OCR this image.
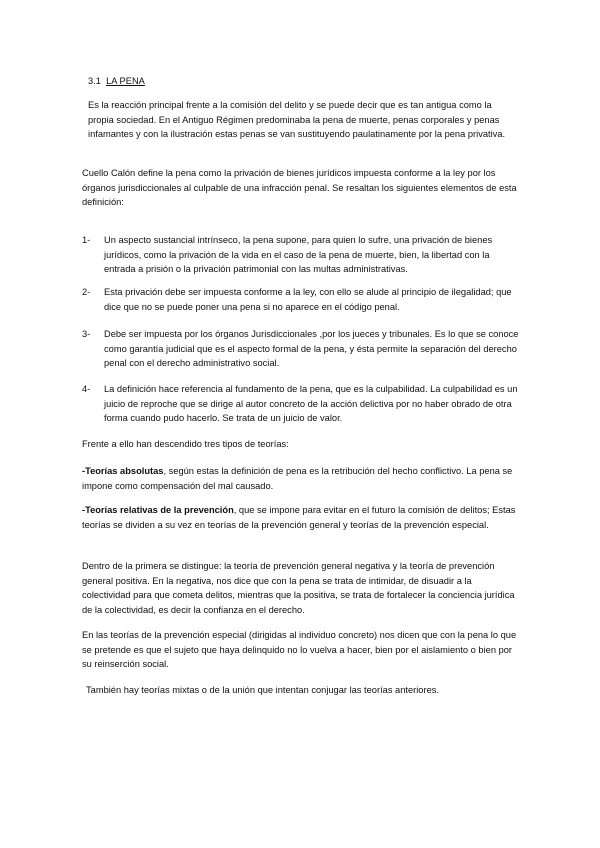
3.1 LA PENA

Es la reacción principal frente a la comisión del delito y se puede decir que es tan antigua como la propia sociedad. En el Antiguo Régimen predominaba la pena de muerte, penas corporales y penas infamantes y con la ilustración estas penas se van sustituyendo paulatinamente por la pena privativa.

Cuello Calón define la pena como la privación de bienes jurídicos impuesta conforme a la ley por los órganos jurisdiccionales al culpable de una infracción penal. Se resaltan los siguientes elementos de esta definición:

1- Un aspecto sustancial intrínseco, la pena supone, para quien lo sufre, una privación de bienes jurídicos, como la privación de la vida en el caso de la pena de muerte, bien, la libertad con la entrada a prisión o la privación patrimonial con las multas administrativas.
2- Esta privación debe ser impuesta conforme a la ley, con ello se alude al principio de ilegalidad; que dice que no se puede poner una pena si no aparece en el código penal.
3- Debe ser impuesta por los órganos Jurisdiccionales ,por los jueces y tribunales. Es lo que se conoce como garantía judicial que es el aspecto formal de la pena, y ésta permite la separación del derecho penal con el derecho administrativo social.
4- La definición hace referencia al fundamento de la pena, que es la culpabilidad. La culpabilidad es un juicio de reproche que se dirige al autor concreto de la acción delictiva por no haber obrado de otra forma cuando pudo hacerlo. Se trata de un juicio de valor.

Frente a ello han descendido tres tipos de teorías:

-Teorías absolutas, según estas la definición de pena es la retribución del hecho conflictivo. La pena se impone como compensación del mal causado.

-Teorías relativas de la prevención, que se impone para evitar en el futuro la comisión de delitos; Estas teorías se dividen a su vez en teorías de la prevención general y teorías de la prevención especial.

Dentro de la primera se distingue: la teoría de prevención general negativa y la teoría de prevención general positiva. En la negativa, nos dice que con la pena se trata de intimidar, de disuadir a la colectividad para que cometa delitos, mientras que la positiva, se trata de fortalecer la conciencia jurídica de la colectividad, es decir la confianza en el derecho.

En las teorías de la prevención especial (dirigidas al individuo concreto) nos dicen que con la pena lo que se pretende es que el sujeto que haya delinquido no lo vuelva a hacer, bien por el aislamiento o bien por su reinserción social.

También hay teorías mixtas o de la unión que intentan conjugar las teorías anteriores.
